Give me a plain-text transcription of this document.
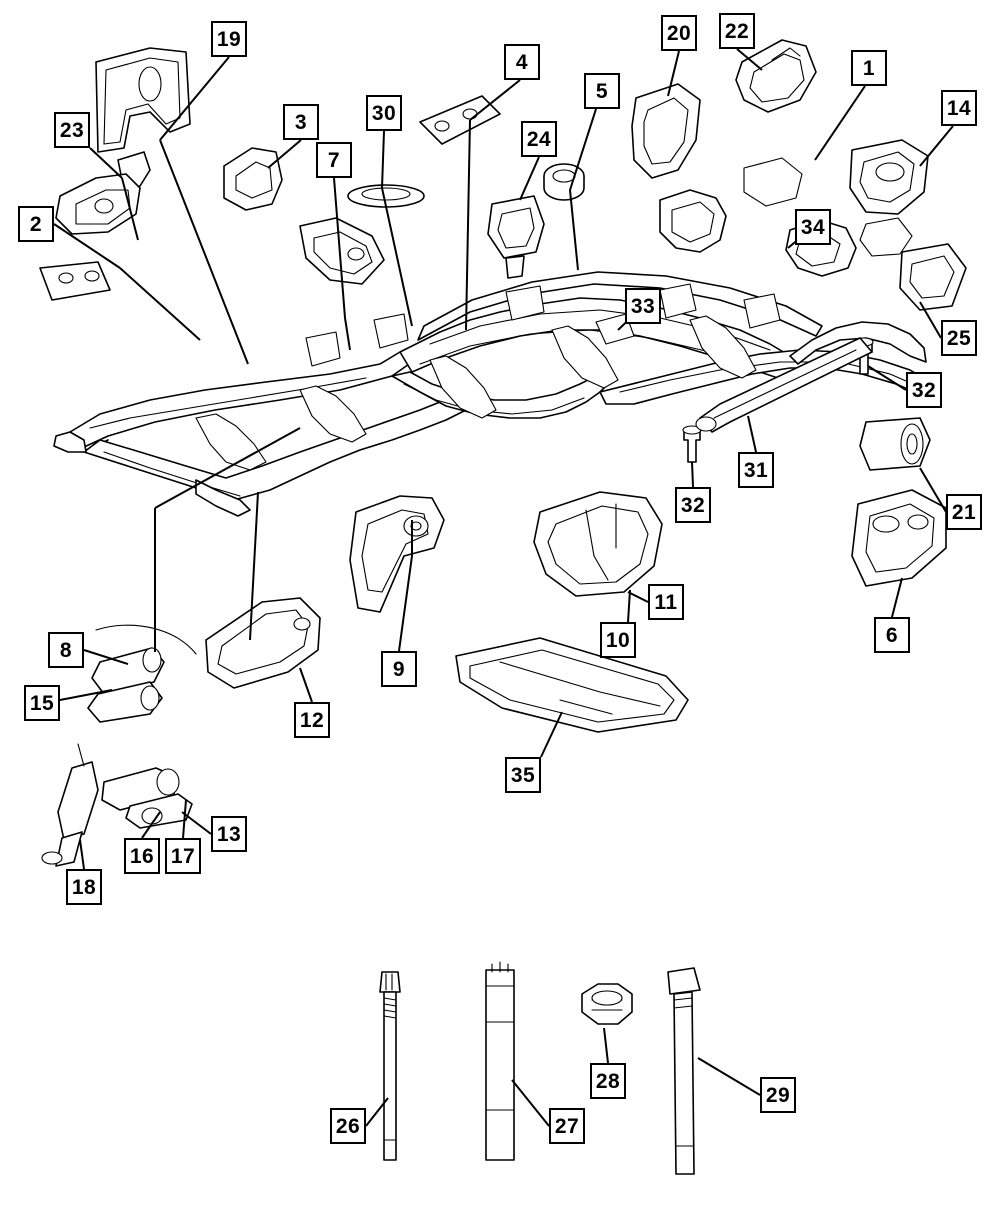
1
2
3
4
5
6
7
8
9
10
11
12
13
14
15
16 17
18
19	20
21
22
23	24
25
26	27
28
29
30
31
32
32
33
34
35
